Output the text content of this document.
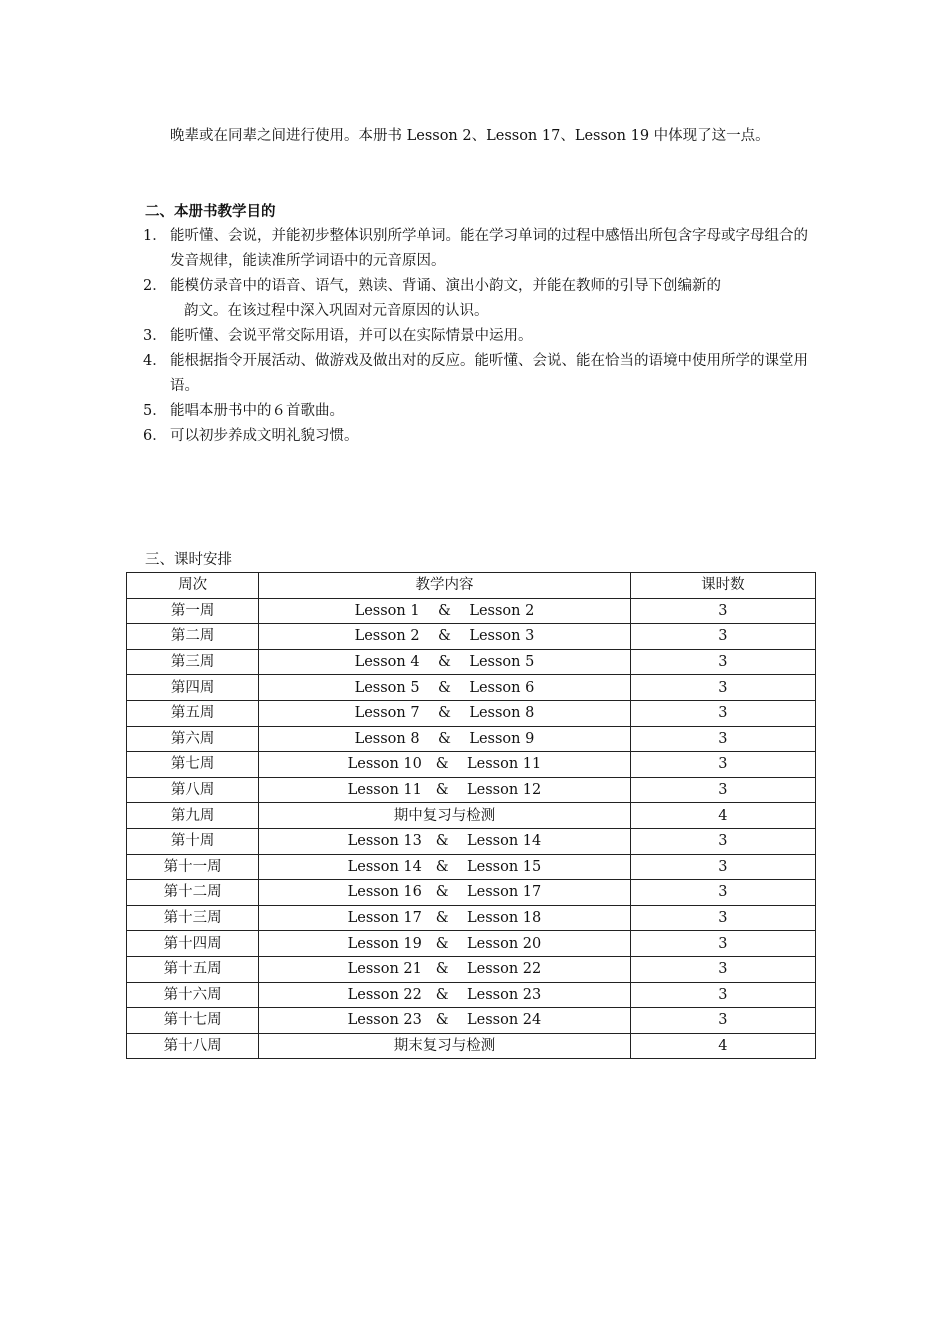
晚辈或在同辈之间进行使用。本册书 Lesson 2、Lesson 17、Lesson 19 中体现了这一点。
二、本册书教学目的
1． 能听懂、会说，并能初步整体识别所学单词。能在学习单词的过程中感悟出所包含字母或字母组合的发音规律，能读准所学词语中的元音原因。
2． 能模仿录音中的语音、语气，熟读、背诵、演出小韵文，并能在教师的引导下创编新的
韵文。在该过程中深入巩固对元音原因的认识。
3． 能听懂、会说平常交际用语，并可以在实际情景中运用。
4． 能根据指令开展活动、做游戏及做出对的反应。能听懂、会说、能在恰当的语境中使用所学的课堂用语。
5． 能唱本册书中的６首歌曲。
6． 可以初步养成文明礼貌习惯。
三、课时安排
周次	教学内容	课时数
第一周	Lesson 1    &    Lesson 2	3
第二周	Lesson 2    &    Lesson 3	3
第三周	Lesson 4    &    Lesson 5	3
第四周	Lesson 5    &    Lesson 6	3
第五周	Lesson 7    &    Lesson 8	3
第六周	Lesson 8    &    Lesson 9	3
第七周	Lesson 10   &    Lesson 11	3
第八周	Lesson 11   &    Lesson 12	3
第九周	期中复习与检测	4
第十周	Lesson 13   &    Lesson 14	3
第十一周	Lesson 14   &    Lesson 15	3
第十二周	Lesson 16   &    Lesson 17	3
第十三周	Lesson 17   &    Lesson 18	3
第十四周	Lesson 19   &    Lesson 20	3
第十五周	Lesson 21   &    Lesson 22	3
第十六周	Lesson 22   &    Lesson 23	3
第十七周	Lesson 23   &    Lesson 24	3
第十八周	期末复习与检测	4
